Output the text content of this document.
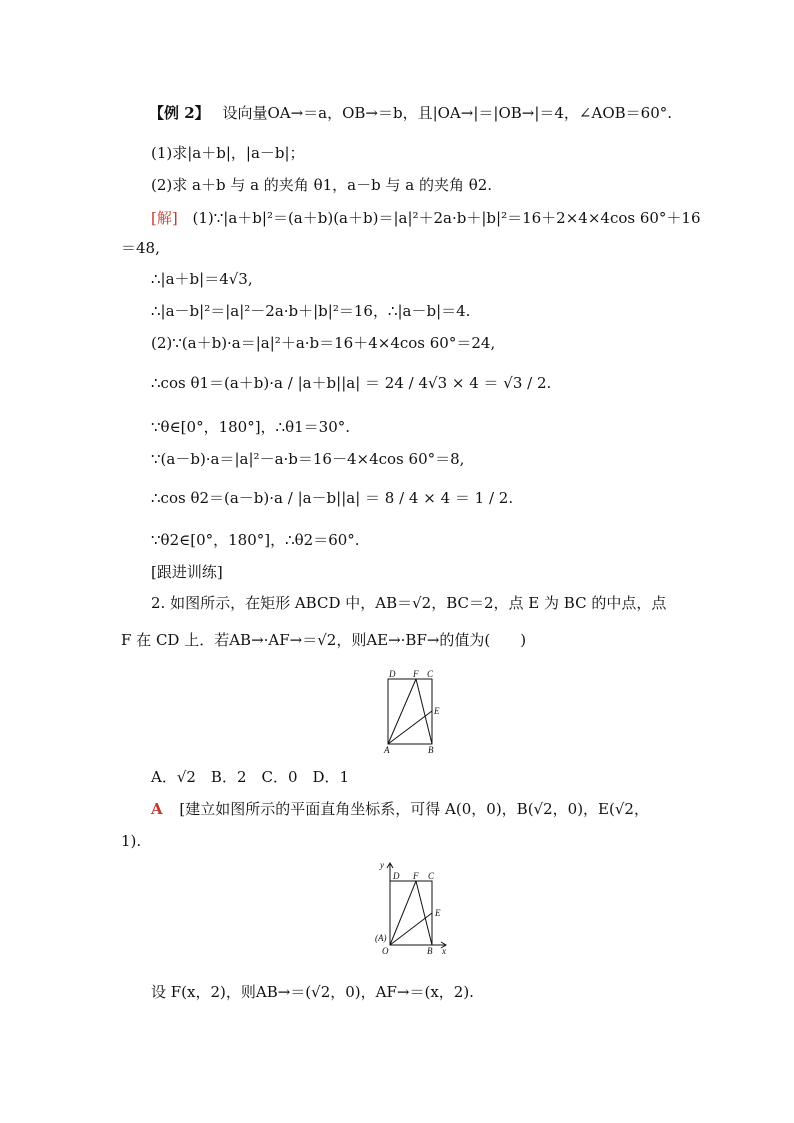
【例 2】 设向量OA→＝a，OB→＝b，且|OA→|＝|OB→|＝4，∠AOB＝60°.
(1)求|a＋b|，|a－b|；
(2)求 a＋b 与 a 的夹角 θ1，a－b 与 a 的夹角 θ2.
[解] (1)∵|a＋b|²＝(a＋b)(a＋b)＝|a|²＋2a·b＋|b|²＝16＋2×4×4cos 60°＋16
＝48,
∴|a＋b|＝4√3,
∴|a－b|²＝|a|²－2a·b＋|b|²＝16，∴|a－b|＝4.
(2)∵(a＋b)·a＝|a|²＋a·b＝16＋4×4cos 60°＝24,
∴cos θ1＝(a＋b)·a / |a＋b||a| ＝ 24 / 4√3 × 4 ＝ √3 / 2.
∵θ∈[0°，180°]，∴θ1＝30°.
∵(a－b)·a＝|a|²－a·b＝16－4×4cos 60°＝8,
∴cos θ2＝(a－b)·a / |a－b||a| ＝ 8 / 4 × 4 ＝ 1 / 2.
∵θ2∈[0°，180°]，∴θ2＝60°.
[跟进训练]
2. 如图所示，在矩形 ABCD 中，AB＝√2，BC＝2，点 E 为 BC 的中点，点
F 在 CD 上．若AB→·AF→＝√2，则AE→·BF→的值为(　　)
D F C
E
A	B
A．√2　B．2　C．0　D．1
A [建立如图所示的平面直角坐标系，可得 A(0，0)，B(√2，0)，E(√2，
1).
y
x
D F C
E
(A)
O	B
设 F(x，2)，则AB→＝(√2，0)，AF→＝(x，2).
